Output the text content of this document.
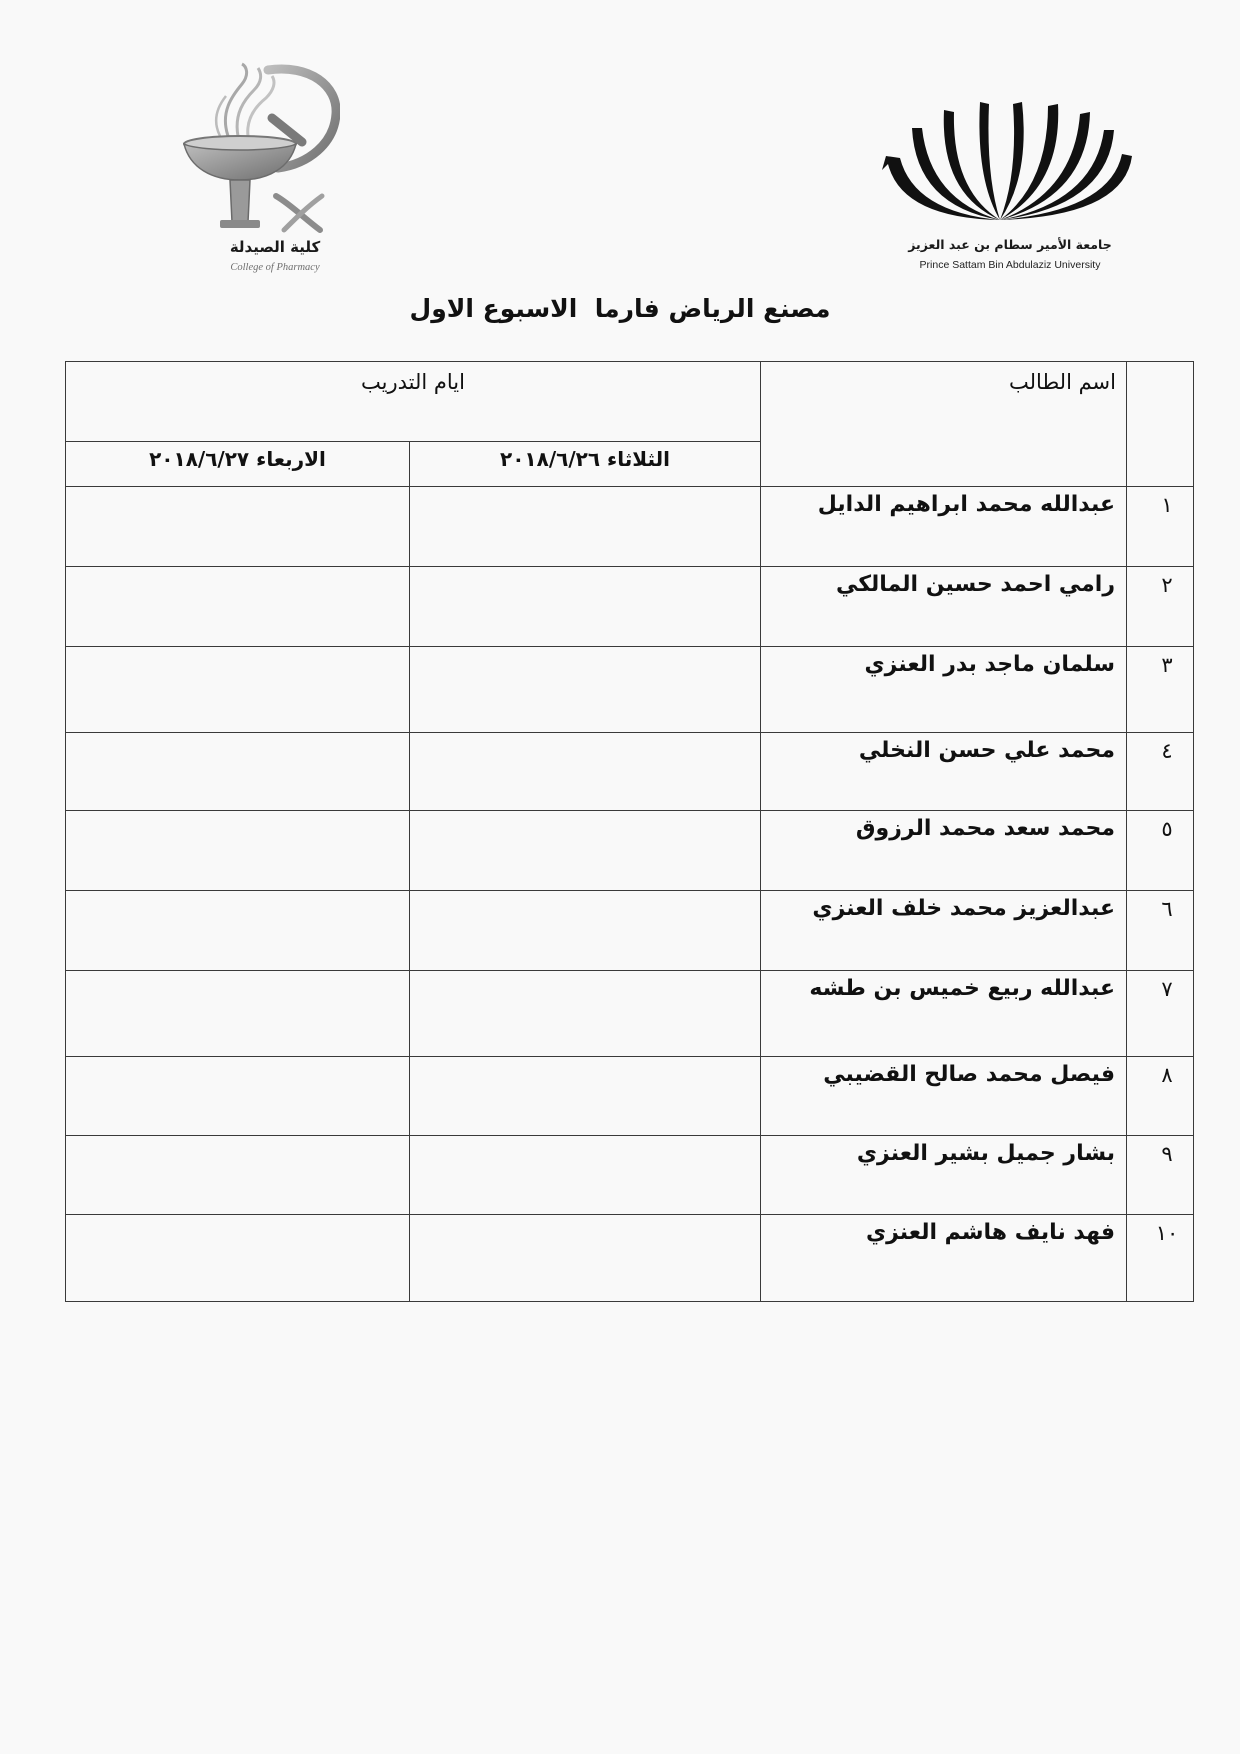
كلية الصيدلة
College of Pharmacy
جامعة الأمير سطام بن عبد العزيز
Prince Sattam Bin Abdulaziz University
مصنع الرياض فارما  الاسبوع الاول
	اسم الطالب	ايام التدريب	
		الثلاثاء ٢٠١٨/٦/٢٦	الاربعاء ٢٠١٨/٦/٢٧
١	عبدالله محمد ابراهيم الدايل		
٢	رامي احمد حسين المالكي		
٣	سلمان ماجد بدر العنزي		
٤	محمد علي حسن النخلي		
٥	محمد سعد محمد الرزوق		
٦	عبدالعزيز محمد خلف العنزي		
٧	عبدالله ربيع خميس بن طشه		
٨	فيصل محمد صالح القضيبي		
٩	بشار جميل بشير العنزي		
١٠	فهد نايف هاشم العنزي		
